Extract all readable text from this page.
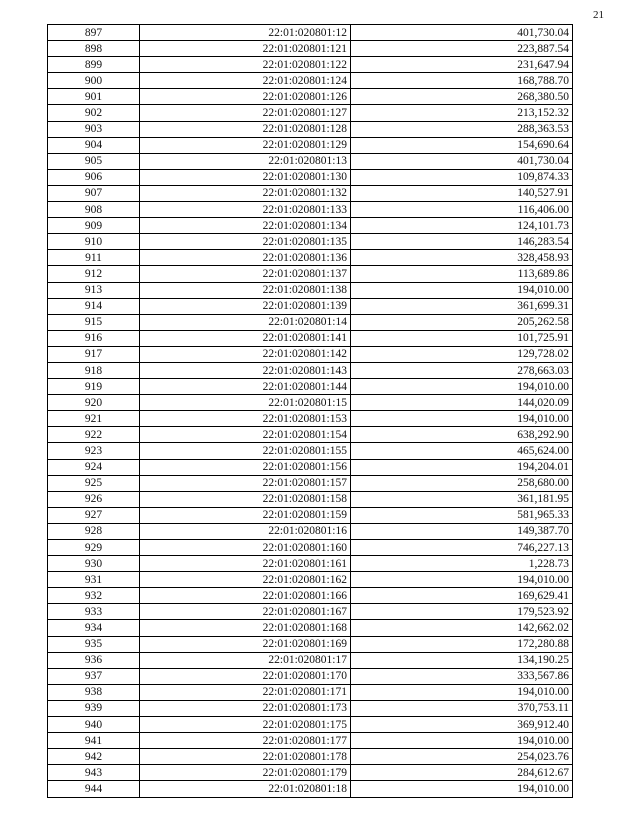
21
897	22:01:020801:12	401,730.04
898	22:01:020801:121	223,887.54
899	22:01:020801:122	231,647.94
900	22:01:020801:124	168,788.70
901	22:01:020801:126	268,380.50
902	22:01:020801:127	213,152.32
903	22:01:020801:128	288,363.53
904	22:01:020801:129	154,690.64
905	22:01:020801:13	401,730.04
906	22:01:020801:130	109,874.33
907	22:01:020801:132	140,527.91
908	22:01:020801:133	116,406.00
909	22:01:020801:134	124,101.73
910	22:01:020801:135	146,283.54
911	22:01:020801:136	328,458.93
912	22:01:020801:137	113,689.86
913	22:01:020801:138	194,010.00
914	22:01:020801:139	361,699.31
915	22:01:020801:14	205,262.58
916	22:01:020801:141	101,725.91
917	22:01:020801:142	129,728.02
918	22:01:020801:143	278,663.03
919	22:01:020801:144	194,010.00
920	22:01:020801:15	144,020.09
921	22:01:020801:153	194,010.00
922	22:01:020801:154	638,292.90
923	22:01:020801:155	465,624.00
924	22:01:020801:156	194,204.01
925	22:01:020801:157	258,680.00
926	22:01:020801:158	361,181.95
927	22:01:020801:159	581,965.33
928	22:01:020801:16	149,387.70
929	22:01:020801:160	746,227.13
930	22:01:020801:161	1,228.73
931	22:01:020801:162	194,010.00
932	22:01:020801:166	169,629.41
933	22:01:020801:167	179,523.92
934	22:01:020801:168	142,662.02
935	22:01:020801:169	172,280.88
936	22:01:020801:17	134,190.25
937	22:01:020801:170	333,567.86
938	22:01:020801:171	194,010.00
939	22:01:020801:173	370,753.11
940	22:01:020801:175	369,912.40
941	22:01:020801:177	194,010.00
942	22:01:020801:178	254,023.76
943	22:01:020801:179	284,612.67
944	22:01:020801:18	194,010.00
